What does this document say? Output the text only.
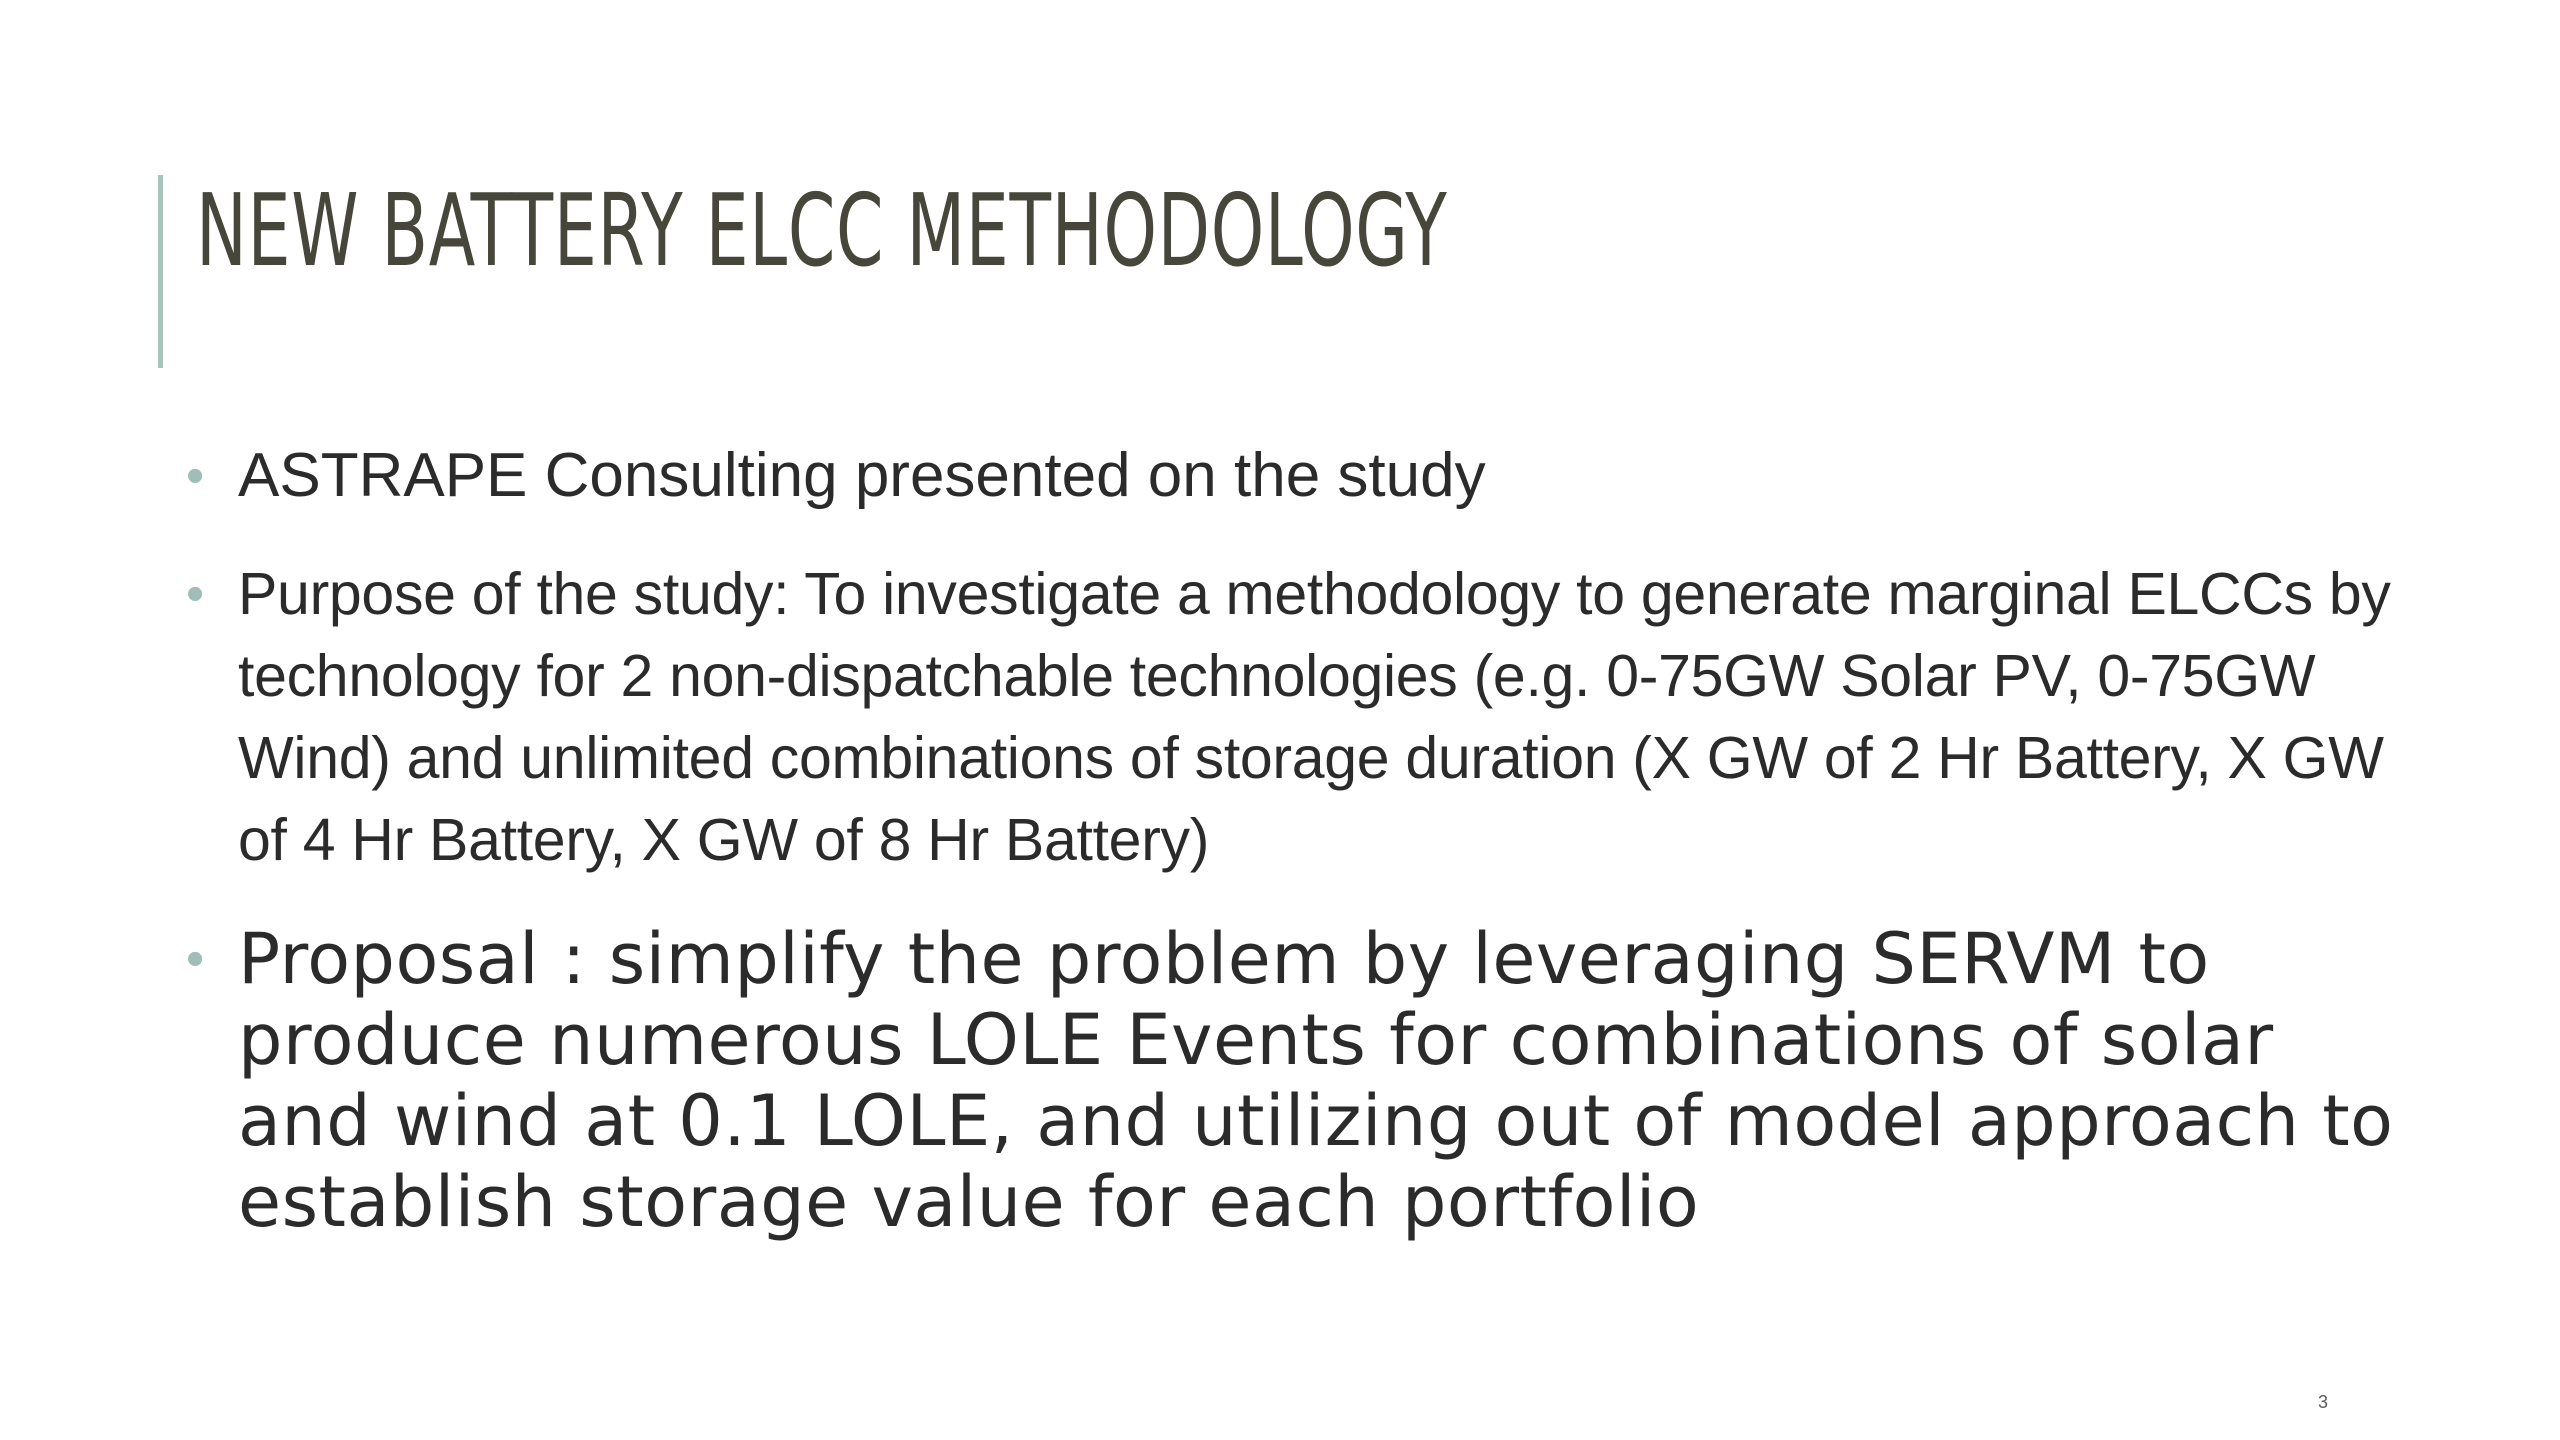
NEW BATTERY ELCC METHODOLOGY
• ASTRAPE Consulting presented on the study
• Purpose of the study: To investigate a methodology to generate marginal ELCCs by technology for 2 non-dispatchable technologies (e.g. 0-75GW Solar PV, 0-75GW Wind) and unlimited combinations of storage duration (X GW of 2 Hr Battery, X GW of 4 Hr Battery, X GW of 8 Hr Battery)
• Proposal : simplify the problem by leveraging SERVM to produce numerous LOLE Events for combinations of solar and wind at 0.1 LOLE, and utilizing out of model approach to establish storage value for each portfolio
3
